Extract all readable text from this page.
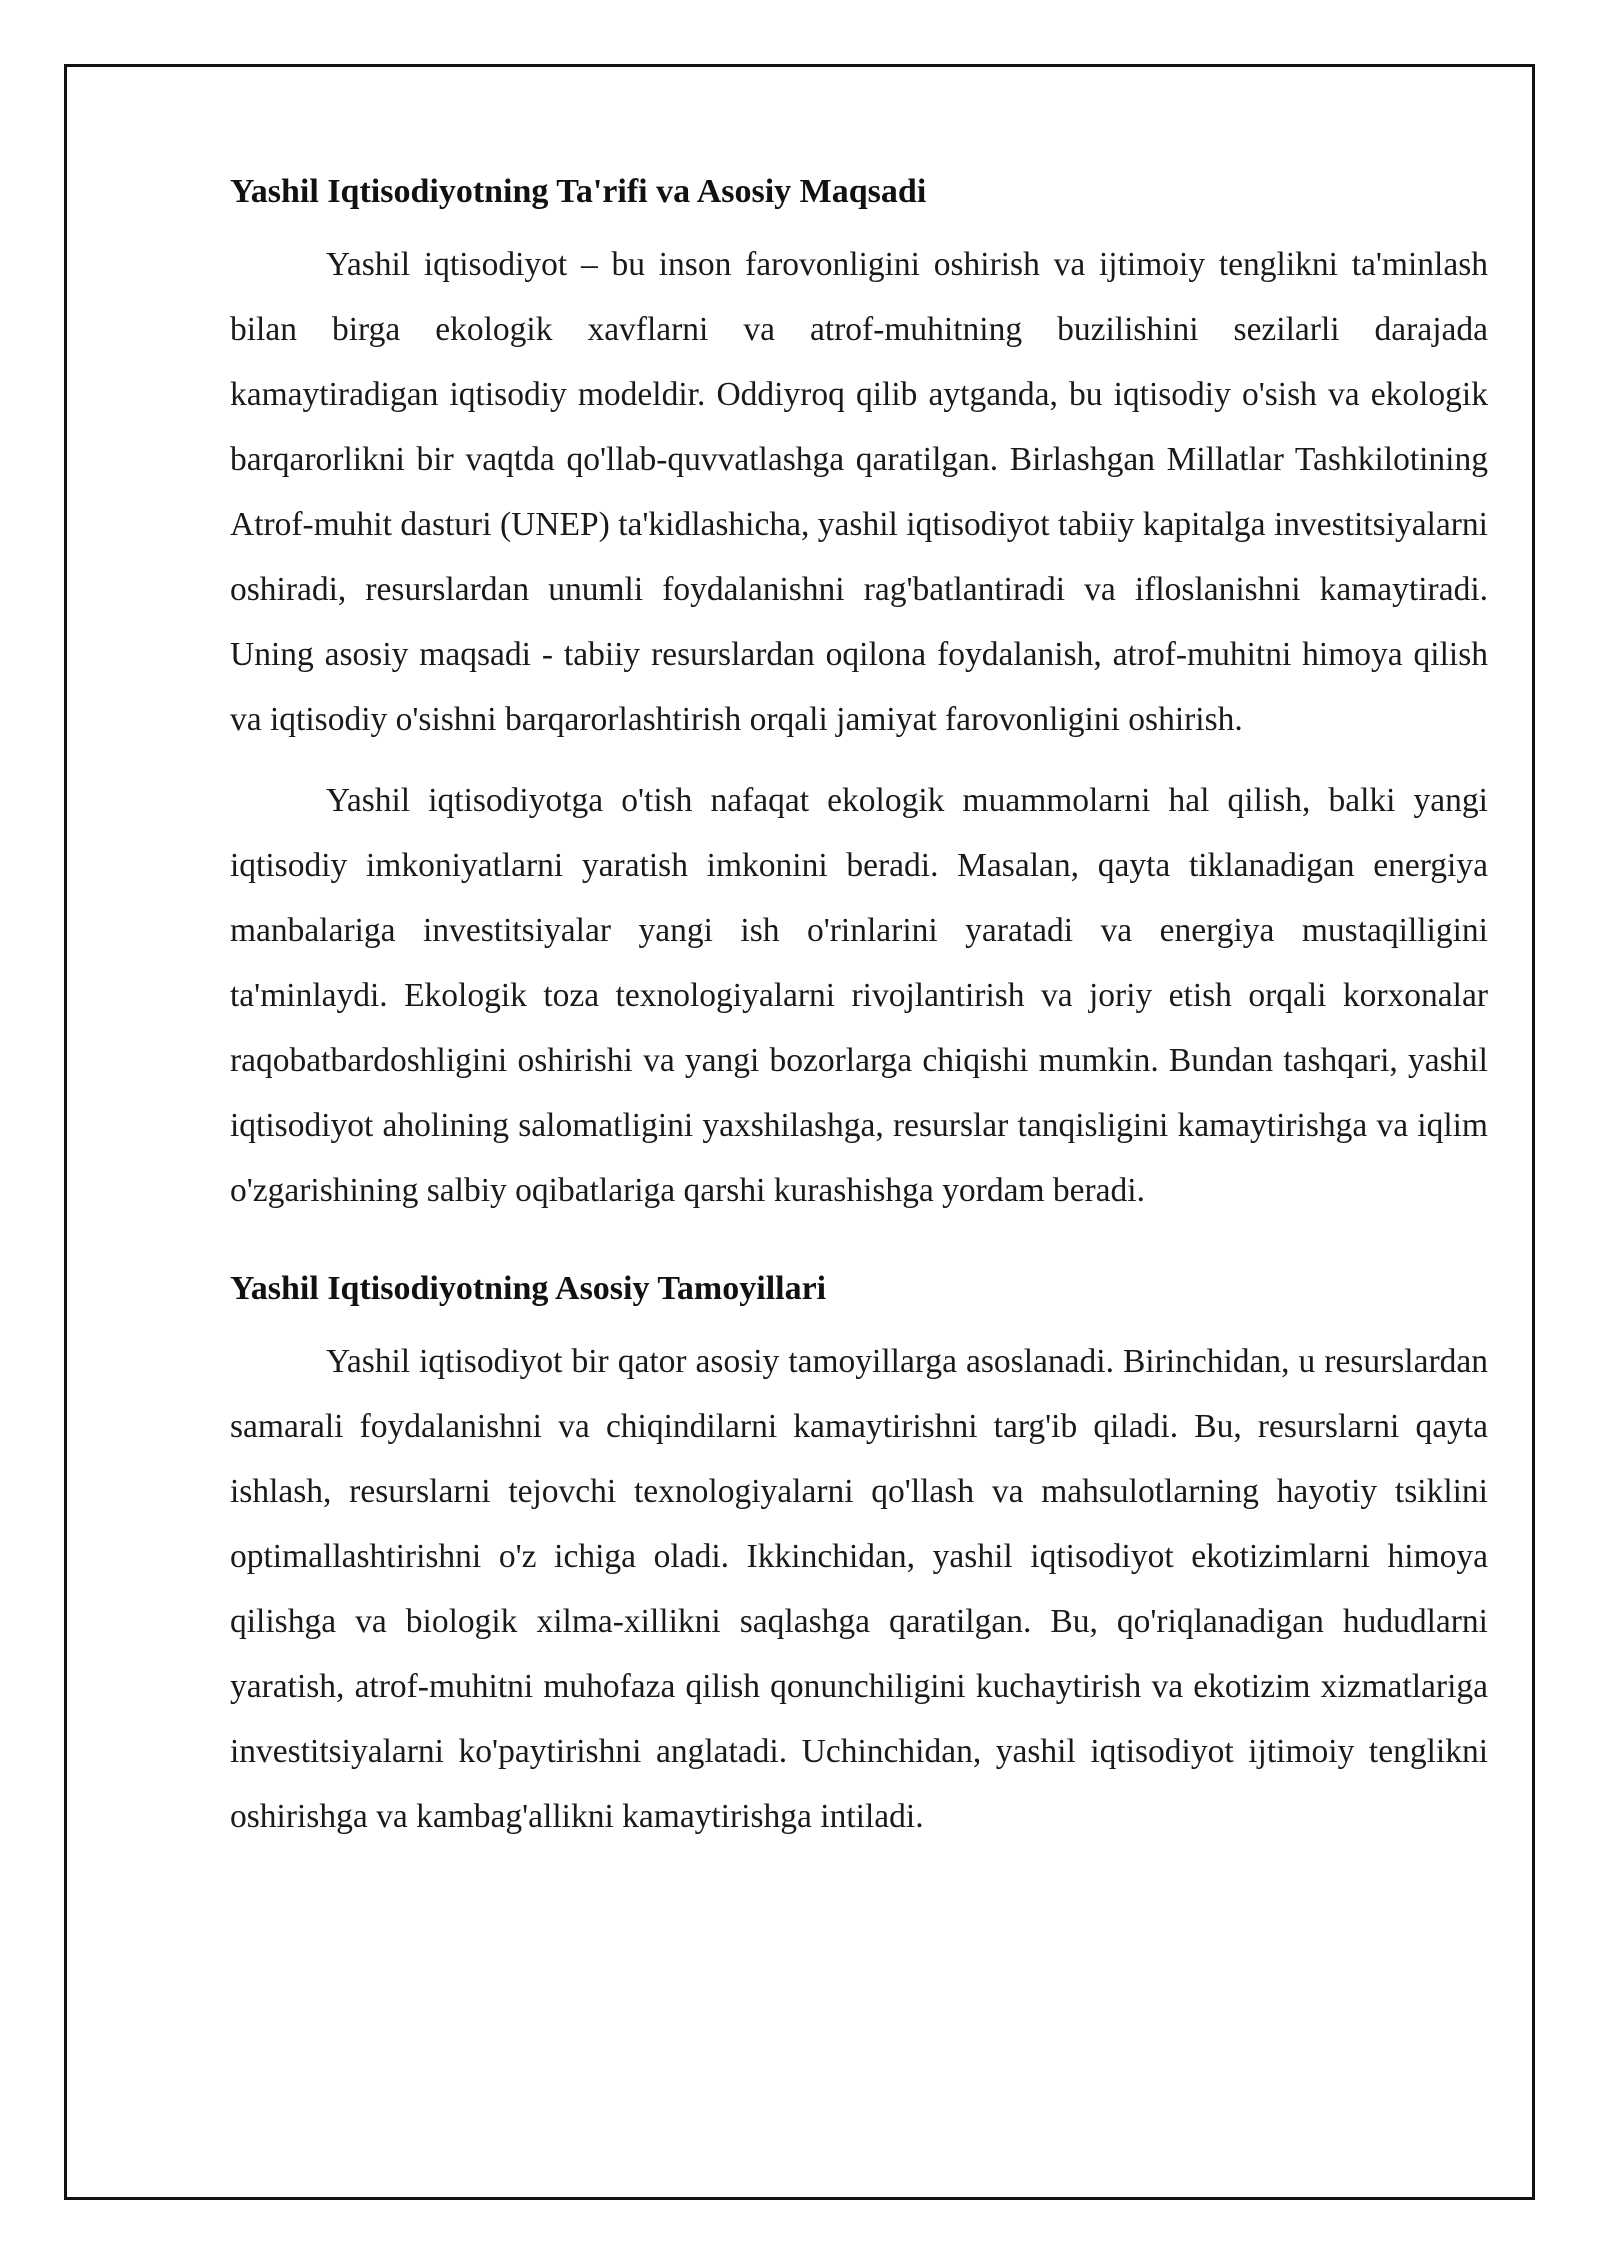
Yashil Iqtisodiyotning Ta'rifi va Asosiy Maqsadi

Yashil iqtisodiyot – bu inson farovonligini oshirish va ijtimoiy tenglikni ta'minlash bilan birga ekologik xavflarni va atrof-muhitning buzilishini sezilarli darajada kamaytiradigan iqtisodiy modeldir. Oddiyroq qilib aytganda, bu iqtisodiy o'sish va ekologik barqarorlikni bir vaqtda qo'llab-quvvatlashga qaratilgan. Birlashgan Millatlar Tashkilotining Atrof-muhit dasturi (UNEP) ta'kidlashicha, yashil iqtisodiyot tabiiy kapitalga investitsiyalarni oshiradi, resurslardan unumli foydalanishni rag'batlantiradi va ifloslanishni kamaytiradi. Uning asosiy maqsadi - tabiiy resurslardan oqilona foydalanish, atrof-muhitni himoya qilish va iqtisodiy o'sishni barqarorlashtirish orqali jamiyat farovonligini oshirish.

Yashil iqtisodiyotga o'tish nafaqat ekologik muammolarni hal qilish, balki yangi iqtisodiy imkoniyatlarni yaratish imkonini beradi. Masalan, qayta tiklanadigan energiya manbalariga investitsiyalar yangi ish o'rinlarini yaratadi va energiya mustaqilligini ta'minlaydi. Ekologik toza texnologiyalarni rivojlantirish va joriy etish orqali korxonalar raqobatbardoshligini oshirishi va yangi bozorlarga chiqishi mumkin. Bundan tashqari, yashil iqtisodiyot aholining salomatligini yaxshilashga, resurslar tanqisligini kamaytirishga va iqlim o'zgarishining salbiy oqibatlariga qarshi kurashishga yordam beradi.

Yashil Iqtisodiyotning Asosiy Tamoyillari

Yashil iqtisodiyot bir qator asosiy tamoyillarga asoslanadi. Birinchidan, u resurslardan samarali foydalanishni va chiqindilarni kamaytirishni targ'ib qiladi. Bu, resurslarni qayta ishlash, resurslarni tejovchi texnologiyalarni qo'llash va mahsulotlarning hayotiy tsiklini optimallashtirishni o'z ichiga oladi. Ikkinchidan, yashil iqtisodiyot ekotizimlarni himoya qilishga va biologik xilma-xillikni saqlashga qaratilgan. Bu, qo'riqlanadigan hududlarni yaratish, atrof-muhitni muhofaza qilish qonunchiligini kuchaytirish va ekotizim xizmatlariga investitsiyalarni ko'paytirishni anglatadi. Uchinchidan, yashil iqtisodiyot ijtimoiy tenglikni oshirishga va kambag'allikni kamaytirishga intiladi.
